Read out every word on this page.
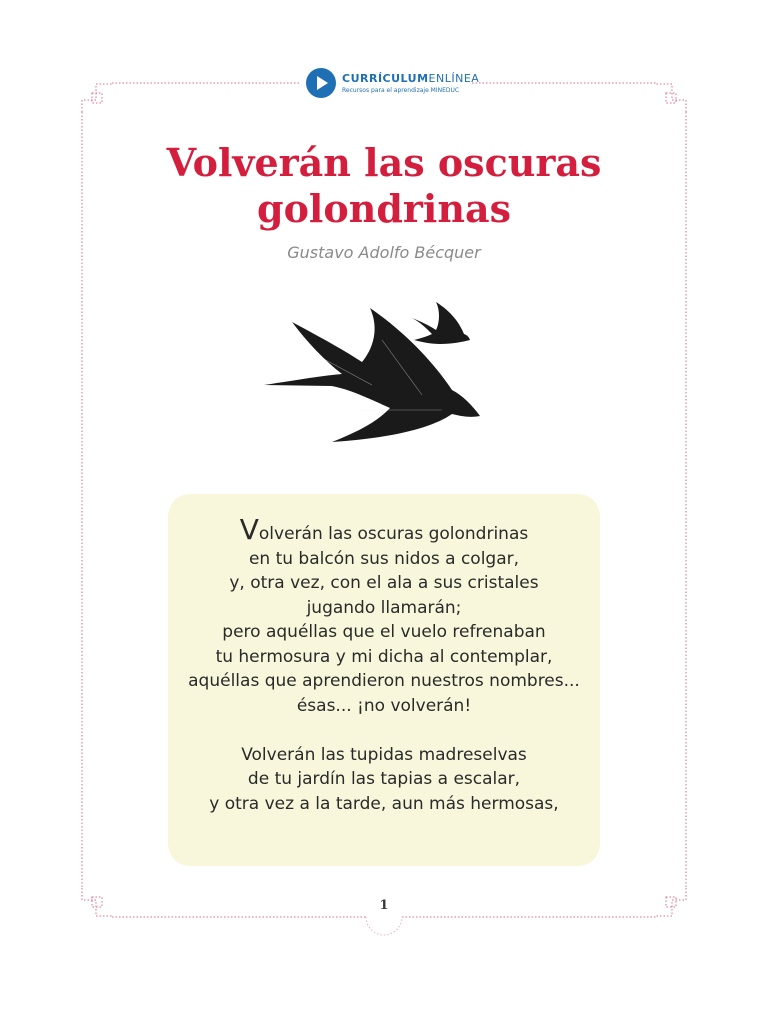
CURRÍCULUMENLÍNEA
Recursos para el aprendizaje MINEDUC
Volverán las oscuras
golondrinas
Gustavo Adolfo Bécquer
Volverán las oscuras golondrinas
en tu balcón sus nidos a colgar,
y, otra vez, con el ala a sus cristales
jugando llamarán;
pero aquéllas que el vuelo refrenaban
tu hermosura y mi dicha al contemplar,
aquéllas que aprendieron nuestros nombres...
ésas... ¡no volverán!
Volverán las tupidas madreselvas
de tu jardín las tapias a escalar,
y otra vez a la tarde, aun más hermosas,
1
